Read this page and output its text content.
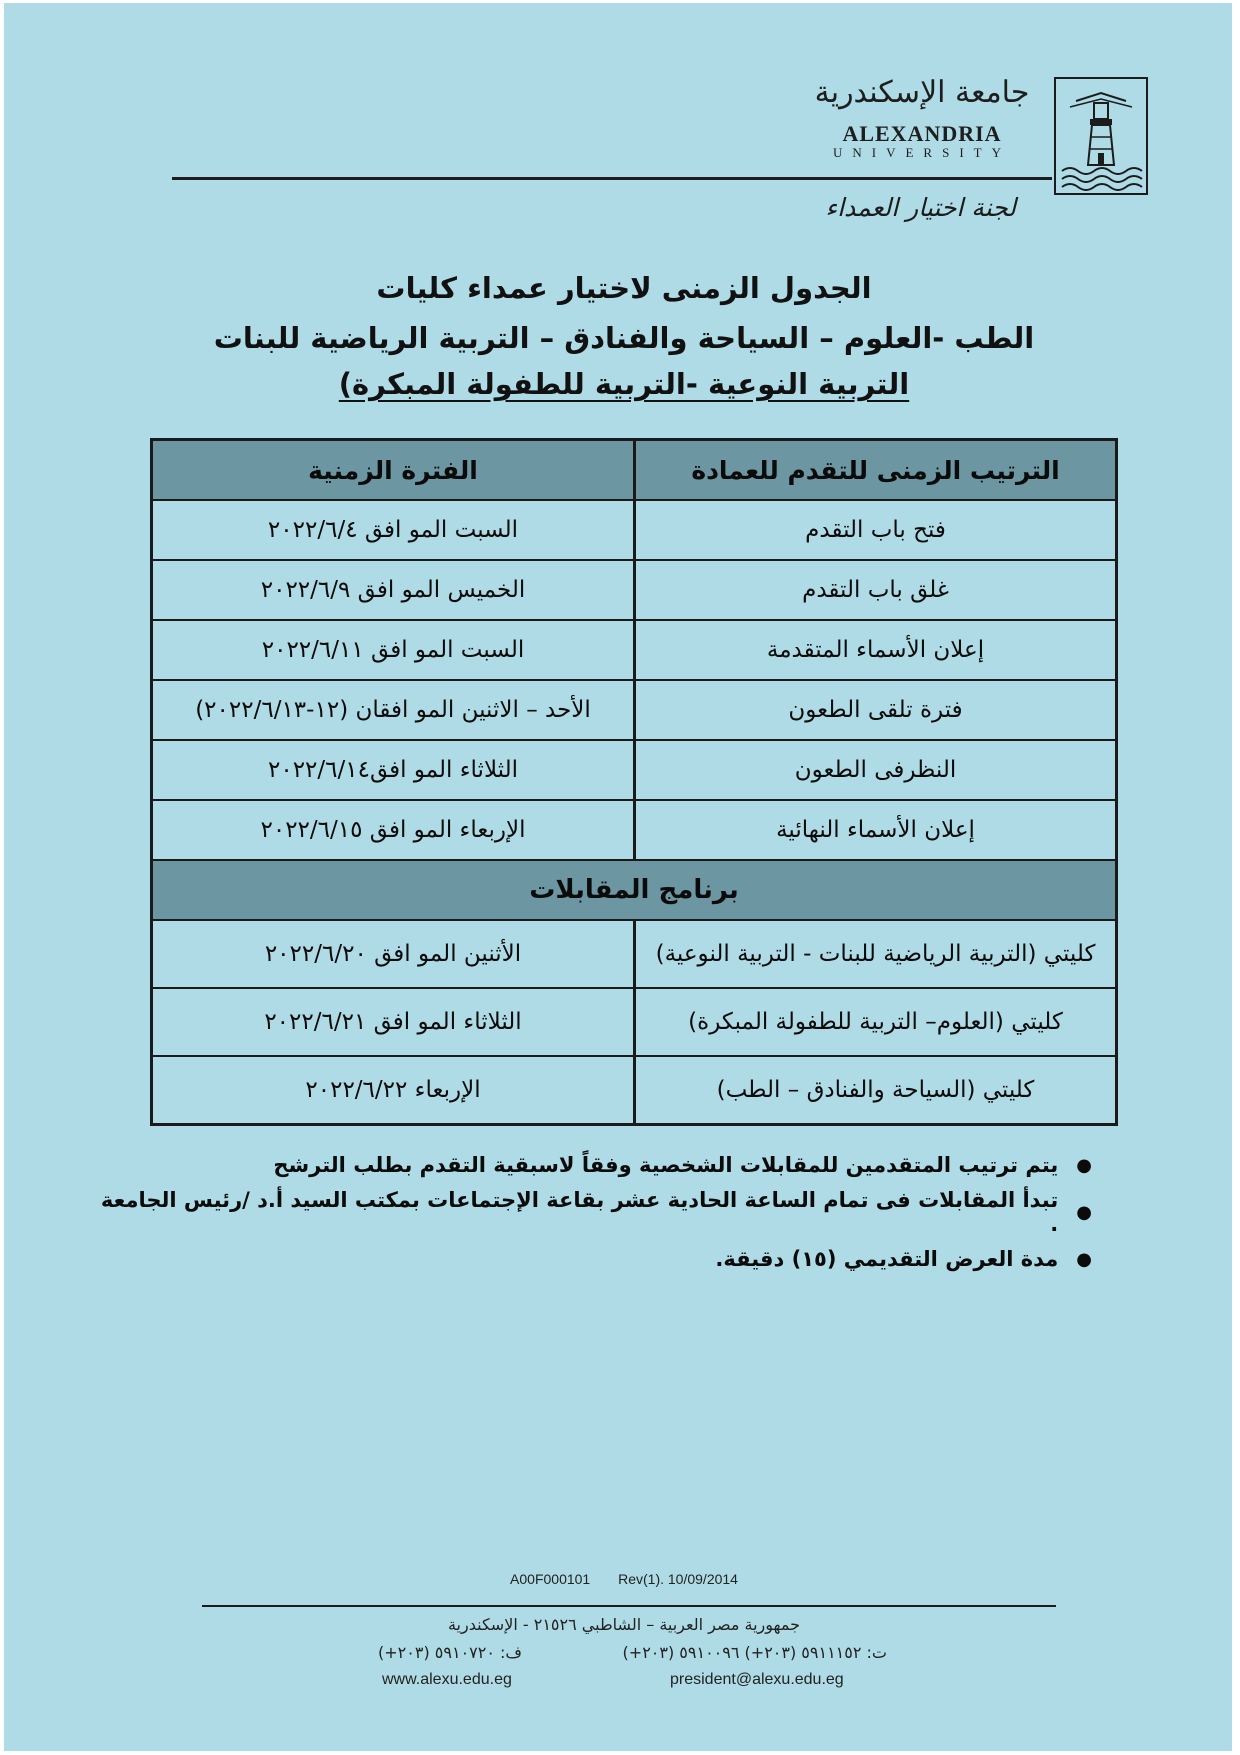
جامعة الإسكندرية
ALEXANDRIA
UNIVERSITY
لجنة اختيار العمداء
الجدول الزمنى لاختيار عمداء كليات
الطب -العلوم – السياحة والفنادق – التربية الرياضية للبنات
التربية النوعية -التربية للطفولة المبكرة)
الترتيب الزمنى للتقدم للعمادة
الفترة الزمنية
فتح باب التقدم
السبت المو افق ٢٠٢٢/٦/٤
غلق باب التقدم
الخميس المو افق ٢٠٢٢/٦/٩
إعلان الأسماء المتقدمة
السبت المو افق ٢٠٢٢/٦/١١
فترة تلقى الطعون
الأحد – الاثنين المو افقان (١٢-٢٠٢٢/٦/١٣)
النظرفى الطعون
الثلاثاء المو افق٢٠٢٢/٦/١٤
إعلان الأسماء النهائية
الإربعاء المو افق ٢٠٢٢/٦/١٥
برنامج المقابلات
كليتي (التربية الرياضية للبنات - التربية النوعية)
الأثنين المو افق ٢٠٢٢/٦/٢٠
كليتي (العلوم– التربية للطفولة المبكرة)
الثلاثاء المو افق ٢٠٢٢/٦/٢١
كليتي (السياحة والفنادق – الطب)
الإربعاء ٢٠٢٢/٦/٢٢
●
يتم ترتيب المتقدمين للمقابلات الشخصية وفقاً لاسبقية التقدم بطلب الترشح
●
تبدأ المقابلات فى تمام الساعة الحادية عشر بقاعة الإجتماعات بمكتب السيد أ.د /رئيس الجامعة .
●
مدة العرض التقديمي (١٥) دقيقة.
A00F000101 Rev(1). 10/09/2014
جمهورية مصر العربية – الشاطبي ٢١٥٢٦ - الإسكندرية
ت: ٥٩١١١٥٢ (٢٠٣+) ٥٩١٠٠٩٦ (٢٠٣+)
ف: ٥٩١٠٧٢٠ (٢٠٣+)
www.alexu.edu.eg	president@alexu.edu.eg
